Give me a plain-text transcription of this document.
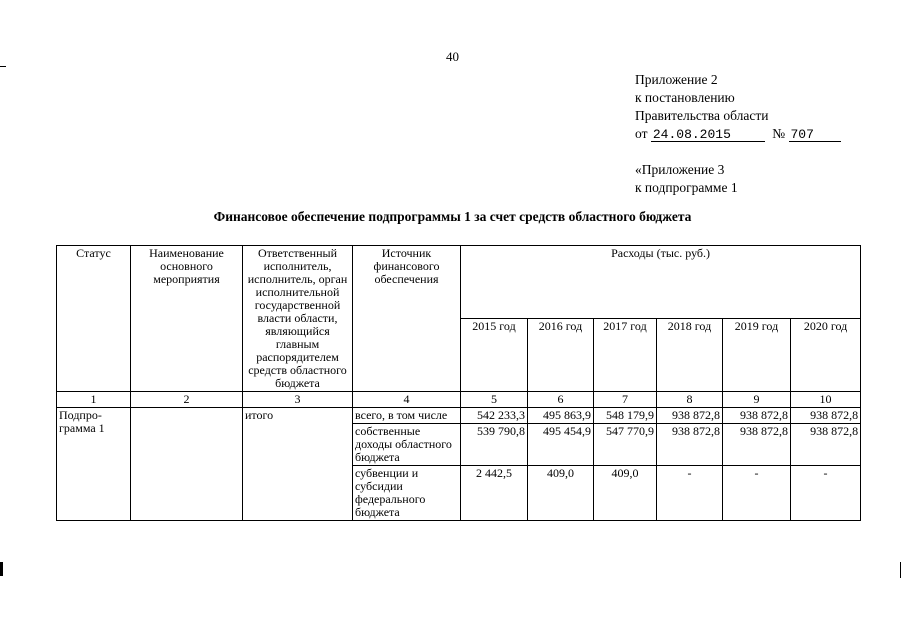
40
Приложение 2
к постановлению
Правительства области
от 24.08.2015	№ 707
«Приложение 3
к подпрограмме 1
Финансовое обеспечение подпрограммы 1 за счет средств областного бюджета
Статус	Наименование основного мероприятия	Ответственный исполнитель, исполнитель, орган исполнительной государственной власти области, являющийся главным распорядителем средств областного бюджета	Источник финансового обеспечения	Расходы (тыс. руб.)					
				2015 год	2016 год	2017 год	2018 год	2019 год	2020 год
1	2	3	4	5	6	7	8	9	10
Подпро-грамма 1		итого	всего, в том числе	542 233,3	495 863,9	548 179,9	938 872,8	938 872,8	938 872,8
			собственные доходы областного бюджета	539 790,8	495 454,9	547 770,9	938 872,8	938 872,8	938 872,8
			субвенции и субсидии федерального бюджета	2 442,5	409,0	409,0	-	-	-
